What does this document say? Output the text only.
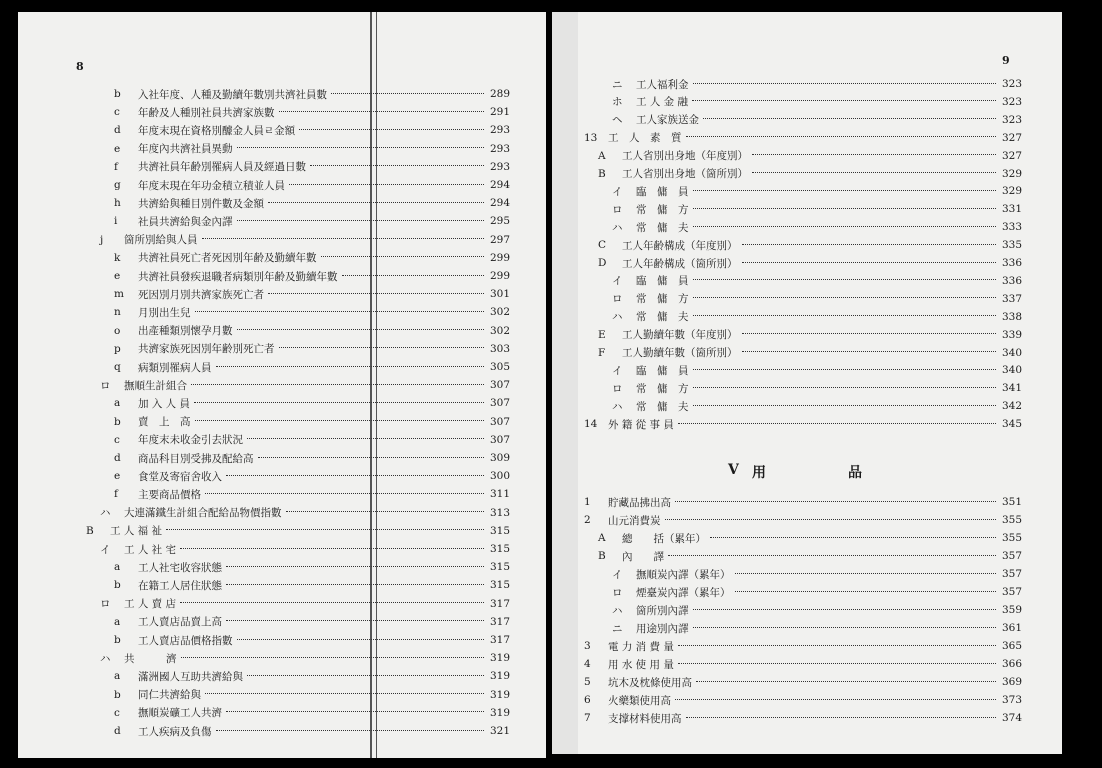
8
b	入社年度、人種及勤續年數別共濟社員數	289
c	年齢及人種別社員共濟家族數	291
d	年度末現在資格別醵金人員ㄹ金額	293
e	年度內共濟社員異動	293
f	共濟社員年齢別罹病人員及經過日數	293
g	年度末現在年功金積立積並人員	294
h	共濟給與種目別件數及金額	294
i	社員共濟給與金內譯	295
j	箇所別給與人員	297
k	共濟社員死亡者死因別年齢及勤續年數	299
e	共濟社員發疾退職者病類別年齢及勤續年數	299
m	死因別月別共濟家族死亡者	301
n	月別出生兒	302
o	出產種類別懷孕月數	302
p	共濟家族死因別年齢別死亡者	303
q	病類別罹病人員	305
ロ	撫順生計組合	307
a	加 入 人 員	307
b	賣　上　高	307
c	年度末未收金引去狀況	307
d	商品科目別受拂及配給高	309
e	食堂及寄宿舍收入	300
f	主要商品價格	311
ハ	大連滿鐵生計組合配給品物價指數	313
B	工 人 福 祉	315
イ	工 人 社 宅	315
a	工人社宅收容狀態	315
b	在籍工人居住狀態	315
ロ	工 人 賣 店	317
a	工人賣店品賣上高	317
b	工人賣店品價格指數	317
ハ	共　　　濟	319
a	滿洲國人互助共濟給與	319
b	同仁共濟給與	319
c	撫順炭礦工人共濟	319
d	工人疾病及負傷	321
9
ニ	工人福利金	323
ホ	工 人 金 融	323
ヘ	工人家族送金	323
13	工　人　素　質	327
A	工人省別出身地（年度別）	327
B	工人省別出身地（箇所別）	329
イ	臨　傭　員	329
ロ	常　傭　方	331
ハ	常　傭　夫	333
C	工人年齢構成（年度別）	335
D	工人年齢構成（箇所別）	336
イ	臨　傭　員	336
ロ	常　傭　方	337
ハ	常　傭　夫	338
E	工人勤續年數（年度別）	339
F	工人勤續年數（箇所別）	340
イ	臨　傭　員	340
ロ	常　傭　方	341
ハ	常　傭　夫	342
14	外 籍 從 事 員	345
Ⅴ 用	品
1	貯藏品拂出高	351
2	山元消費炭	355
A	總　　括（累年）	355
B	內　　譯	357
イ	撫順炭內譯（累年）	357
ロ	煙臺炭內譯（累年）	357
ハ	箇所別內譯	359
ニ	用途別內譯	361
3	電 力 消 費 量	365
4	用 水 使 用 量	366
5	坑木及枕條使用高	369
6	火藥類使用高	373
7	支撑材料使用高	374
